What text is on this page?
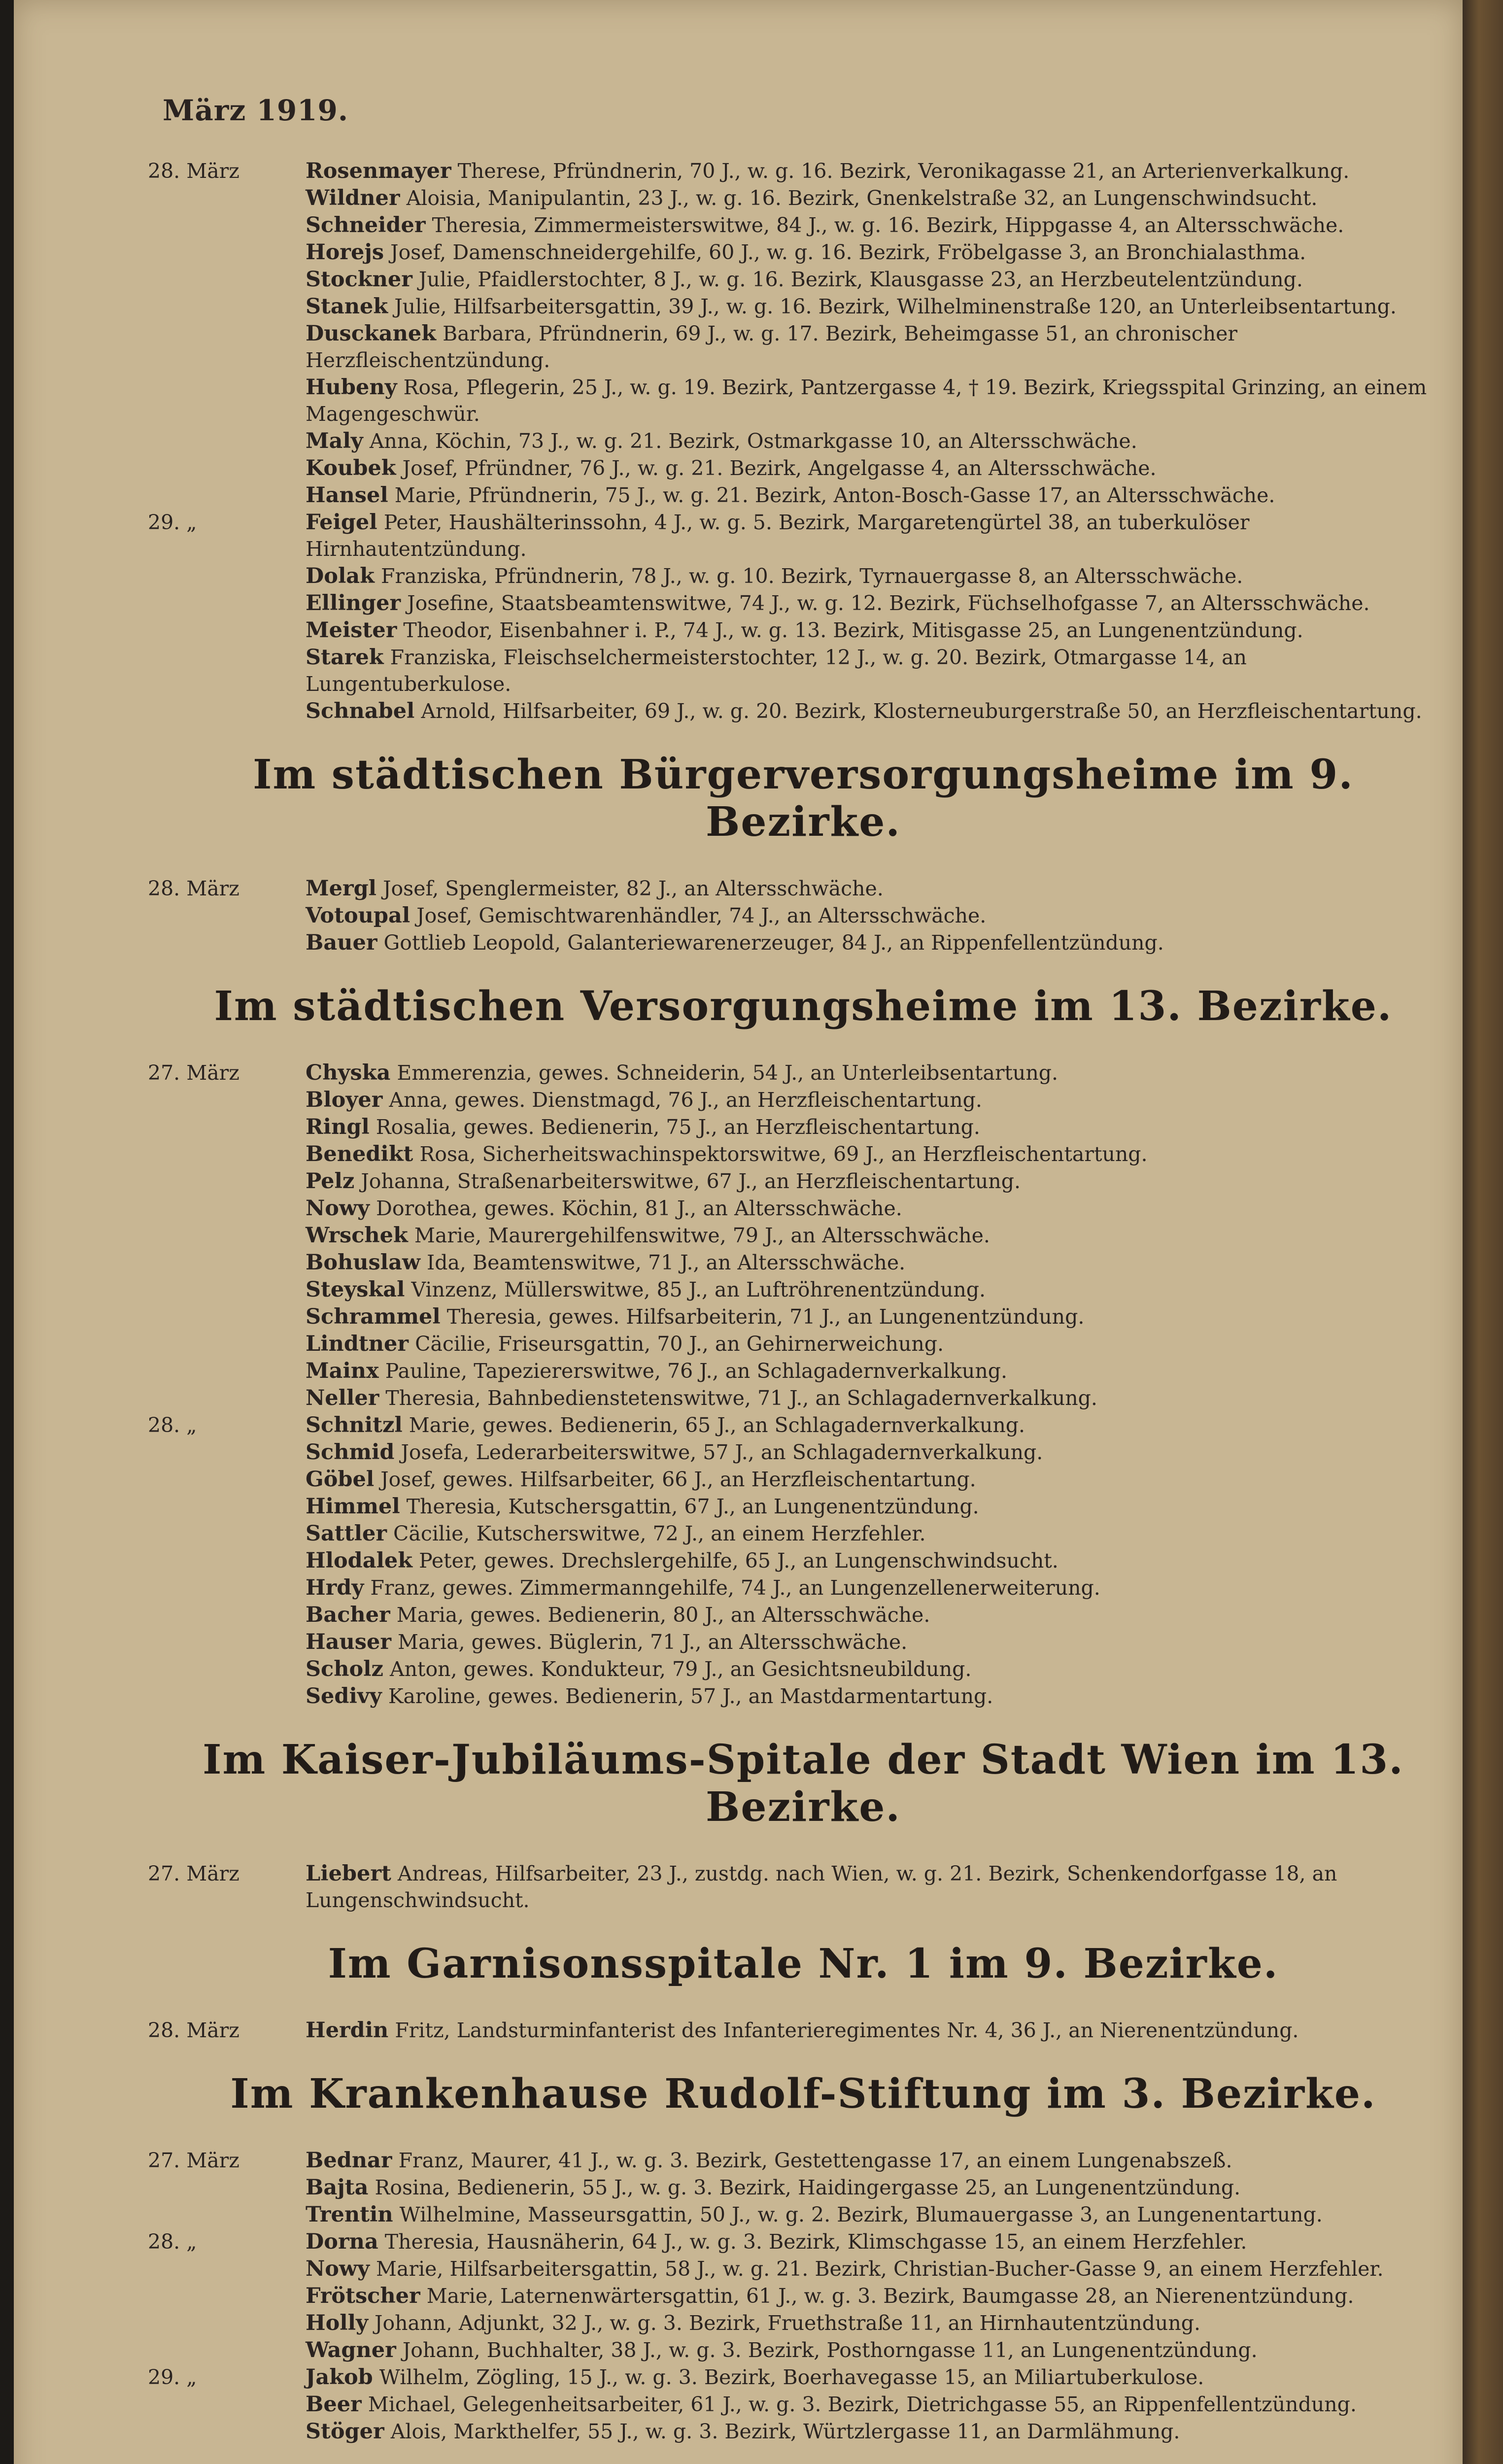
März 1919.
28. März	Rosenmayer Therese, Pfründnerin, 70 J., w. g. 16. Bezirk, Veronikagasse 21, an Arterienverkalkung.
Wildner Aloisia, Manipulantin, 23 J., w. g. 16. Bezirk, Gnenkelstraße 32, an Lungenschwindsucht.
Schneider Theresia, Zimmermeisterswitwe, 84 J., w. g. 16. Bezirk, Hippgasse 4, an Altersschwäche.
Horejs Josef, Damenschneidergehilfe, 60 J., w. g. 16. Bezirk, Fröbelgasse 3, an Bronchialasthma.
Stockner Julie, Pfaidlerstochter, 8 J., w. g. 16. Bezirk, Klausgasse 23, an Herzbeutelentzündung.
Stanek Julie, Hilfsarbeitersgattin, 39 J., w. g. 16. Bezirk, Wilhelminenstraße 120, an Unterleibsentartung.
Dusckanek Barbara, Pfründnerin, 69 J., w. g. 17. Bezirk, Beheimgasse 51, an chronischer Herzfleischentzündung.
Hubeny Rosa, Pflegerin, 25 J., w. g. 19. Bezirk, Pantzergasse 4, † 19. Bezirk, Kriegsspital Grinzing, an einem Magengeschwür.
Maly Anna, Köchin, 73 J., w. g. 21. Bezirk, Ostmarkgasse 10, an Altersschwäche.
Koubek Josef, Pfründner, 76 J., w. g. 21. Bezirk, Angelgasse 4, an Altersschwäche.
Hansel Marie, Pfründnerin, 75 J., w. g. 21. Bezirk, Anton-Bosch-Gasse 17, an Altersschwäche.
29. „	Feigel Peter, Haushälterinssohn, 4 J., w. g. 5. Bezirk, Margaretengürtel 38, an tuberkulöser Hirnhautentzündung.
Dolak Franziska, Pfründnerin, 78 J., w. g. 10. Bezirk, Tyrnauergasse 8, an Altersschwäche.
Ellinger Josefine, Staatsbeamtenswitwe, 74 J., w. g. 12. Bezirk, Füchselhofgasse 7, an Altersschwäche.
Meister Theodor, Eisenbahner i. P., 74 J., w. g. 13. Bezirk, Mitisgasse 25, an Lungenentzündung.
Starek Franziska, Fleischselchermeisterstochter, 12 J., w. g. 20. Bezirk, Otmargasse 14, an Lungentuberkulose.
Schnabel Arnold, Hilfsarbeiter, 69 J., w. g. 20. Bezirk, Klosterneuburgerstraße 50, an Herzfleischentartung.
Im städtischen Bürgerversorgungsheime im 9. Bezirke.
28. März	Mergl Josef, Spenglermeister, 82 J., an Altersschwäche.
Votoupal Josef, Gemischtwarenhändler, 74 J., an Altersschwäche.
Bauer Gottlieb Leopold, Galanteriewarenerzeuger, 84 J., an Rippenfellentzündung.
Im städtischen Versorgungsheime im 13. Bezirke.
27. März	Chyska Emmerenzia, gewes. Schneiderin, 54 J., an Unterleibsentartung.
Bloyer Anna, gewes. Dienstmagd, 76 J., an Herzfleischentartung.
Ringl Rosalia, gewes. Bedienerin, 75 J., an Herzfleischentartung.
Benedikt Rosa, Sicherheitswachinspektorswitwe, 69 J., an Herzfleischentartung.
Pelz Johanna, Straßenarbeiterswitwe, 67 J., an Herzfleischentartung.
Nowy Dorothea, gewes. Köchin, 81 J., an Altersschwäche.
Wrschek Marie, Maurergehilfenswitwe, 79 J., an Altersschwäche.
Bohuslaw Ida, Beamtenswitwe, 71 J., an Altersschwäche.
Steyskal Vinzenz, Müllerswitwe, 85 J., an Luftröhrenentzündung.
Schrammel Theresia, gewes. Hilfsarbeiterin, 71 J., an Lungenentzündung.
Lindtner Cäcilie, Friseursgattin, 70 J., an Gehirnerweichung.
Mainx Pauline, Tapeziererswitwe, 76 J., an Schlagadernverkalkung.
Neller Theresia, Bahnbedienstetenswitwe, 71 J., an Schlagadernverkalkung.
28. „	Schnitzl Marie, gewes. Bedienerin, 65 J., an Schlagadernverkalkung.
Schmid Josefa, Lederarbeiterswitwe, 57 J., an Schlagadernverkalkung.
Göbel Josef, gewes. Hilfsarbeiter, 66 J., an Herzfleischentartung.
Himmel Theresia, Kutschersgattin, 67 J., an Lungenentzündung.
Sattler Cäcilie, Kutscherswitwe, 72 J., an einem Herzfehler.
Hlodalek Peter, gewes. Drechslergehilfe, 65 J., an Lungenschwindsucht.
Hrdy Franz, gewes. Zimmermanngehilfe, 74 J., an Lungenzellenerweiterung.
Bacher Maria, gewes. Bedienerin, 80 J., an Altersschwäche.
Hauser Maria, gewes. Büglerin, 71 J., an Altersschwäche.
Scholz Anton, gewes. Kondukteur, 79 J., an Gesichtsneubildung.
Sedivy Karoline, gewes. Bedienerin, 57 J., an Mastdarmentartung.
Im Kaiser-Jubiläums-Spitale der Stadt Wien im 13. Bezirke.
27. März	Liebert Andreas, Hilfsarbeiter, 23 J., zustdg. nach Wien, w. g. 21. Bezirk, Schenkendorfgasse 18, an Lungenschwindsucht.
Im Garnisonsspitale Nr. 1 im 9. Bezirke.
28. März	Herdin Fritz, Landsturminfanterist des Infanterieregimentes Nr. 4, 36 J., an Nierenentzündung.
Im Krankenhause Rudolf-Stiftung im 3. Bezirke.
27. März	Bednar Franz, Maurer, 41 J., w. g. 3. Bezirk, Gestettengasse 17, an einem Lungenabszeß.
Bajta Rosina, Bedienerin, 55 J., w. g. 3. Bezirk, Haidingergasse 25, an Lungenentzündung.
Trentin Wilhelmine, Masseursgattin, 50 J., w. g. 2. Bezirk, Blumauergasse 3, an Lungenentartung.
28. „	Dorna Theresia, Hausnäherin, 64 J., w. g. 3. Bezirk, Klimschgasse 15, an einem Herzfehler.
Nowy Marie, Hilfsarbeitersgattin, 58 J., w. g. 21. Bezirk, Christian-Bucher-Gasse 9, an einem Herzfehler.
Frötscher Marie, Laternenwärtersgattin, 61 J., w. g. 3. Bezirk, Baumgasse 28, an Nierenentzündung.
Holly Johann, Adjunkt, 32 J., w. g. 3. Bezirk, Fruethstraße 11, an Hirnhautentzündung.
Wagner Johann, Buchhalter, 38 J., w. g. 3. Bezirk, Posthorngasse 11, an Lungenentzündung.
29. „	Jakob Wilhelm, Zögling, 15 J., w. g. 3. Bezirk, Boerhavegasse 15, an Miliartuberkulose.
Beer Michael, Gelegenheitsarbeiter, 61 J., w. g. 3. Bezirk, Dietrichgasse 55, an Rippenfellentzündung.
Stöger Alois, Markthelfer, 55 J., w. g. 3. Bezirk, Würtzlergasse 11, an Darmlähmung.
